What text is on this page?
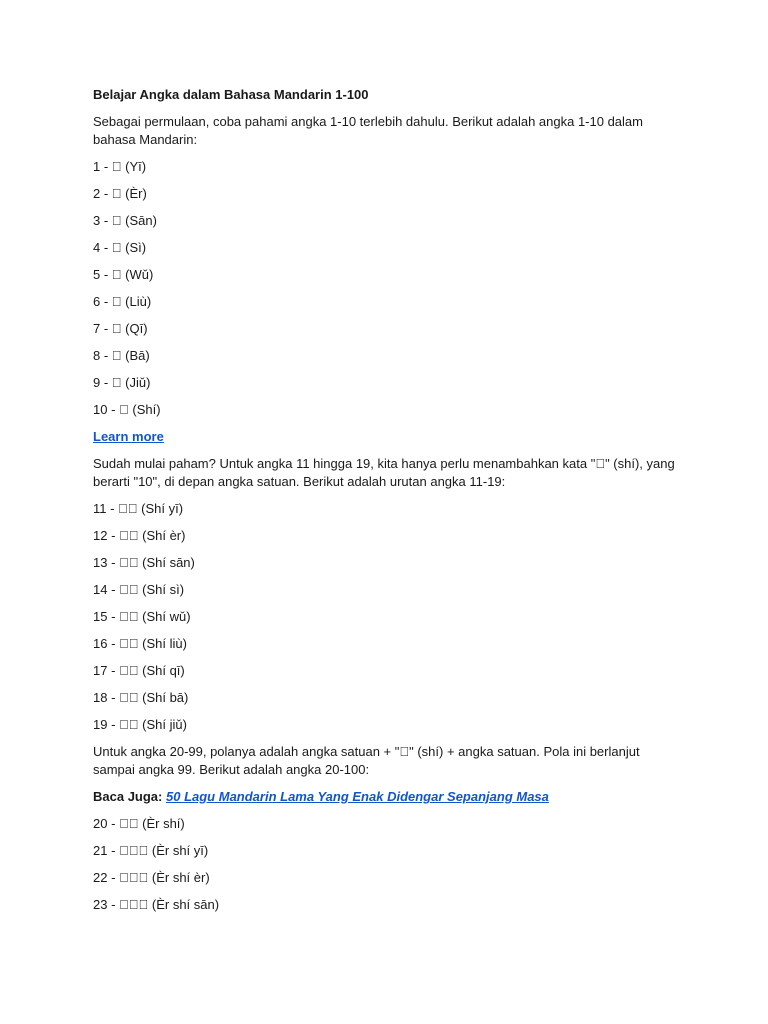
Belajar Angka dalam Bahasa Mandarin 1-100
Sebagai permulaan, coba pahami angka 1-10 terlebih dahulu. Berikut adalah angka 1-10 dalam bahasa Mandarin:
1 -   (Yī)
2 -   (Èr)
3 -   (Sān)
4 -   (Sì)
5 -   (Wǔ)
6 -   (Liù)
7 -   (Qī)
8 -   (Bā)
9 -   (Jiǔ)
10 -   (Shí)
Learn more
Sudah mulai paham? Untuk angka 11 hingga 19, kita hanya perlu menambahkan kata " " (shí), yang berarti "10", di depan angka satuan. Berikut adalah urutan angka 11-19:
11 -    (Shí yī)
12 -    (Shí èr)
13 -    (Shí sān)
14 -    (Shí sì)
15 -    (Shí wǔ)
16 -    (Shí liù)
17 -    (Shí qī)
18 -    (Shí bā)
19 -    (Shí jiǔ)
Untuk angka 20-99, polanya adalah angka satuan + " " (shí) + angka satuan. Pola ini berlanjut sampai angka 99. Berikut adalah angka 20-100:
Baca Juga: 50 Lagu Mandarin Lama Yang Enak Didengar Sepanjang Masa
20 -    (Èr shí)
21 -     (Èr shí yī)
22 -     (Èr shí èr)
23 -     (Èr shí sān)
